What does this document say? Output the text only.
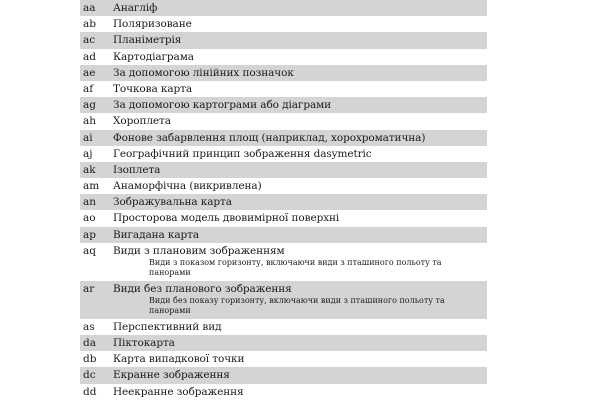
aa	Анагліф
ab	Поляризоване
ac	Планіметрія
ad	Картодіаграма
ae	За допомогою лінійних позначок
af	Точкова карта
ag	За допомогою картограми або діаграми
ah	Хороплета
ai	Фонове забарвлення площ (наприклад, хорохроматична)
aj	Географічний принцип зображення dasymetric
ak	Ізоплета
am	Анаморфічна (викривлена)
an	Зображувальна карта
ao	Просторова модель двовимірної поверхні
ap	Вигадана карта
aq	Види з плановим зображенням
Види з показом горизонту, включаючи види з пташиного польоту та панорами
ar	Види без планового зображення
Види без показу горизонту, включаючи види з пташиного польоту та панорами
as	Перспективний вид
da	Піктокарта
db	Карта випадкової точки
dc	Екранне зображення
dd	Неекранне зображення
